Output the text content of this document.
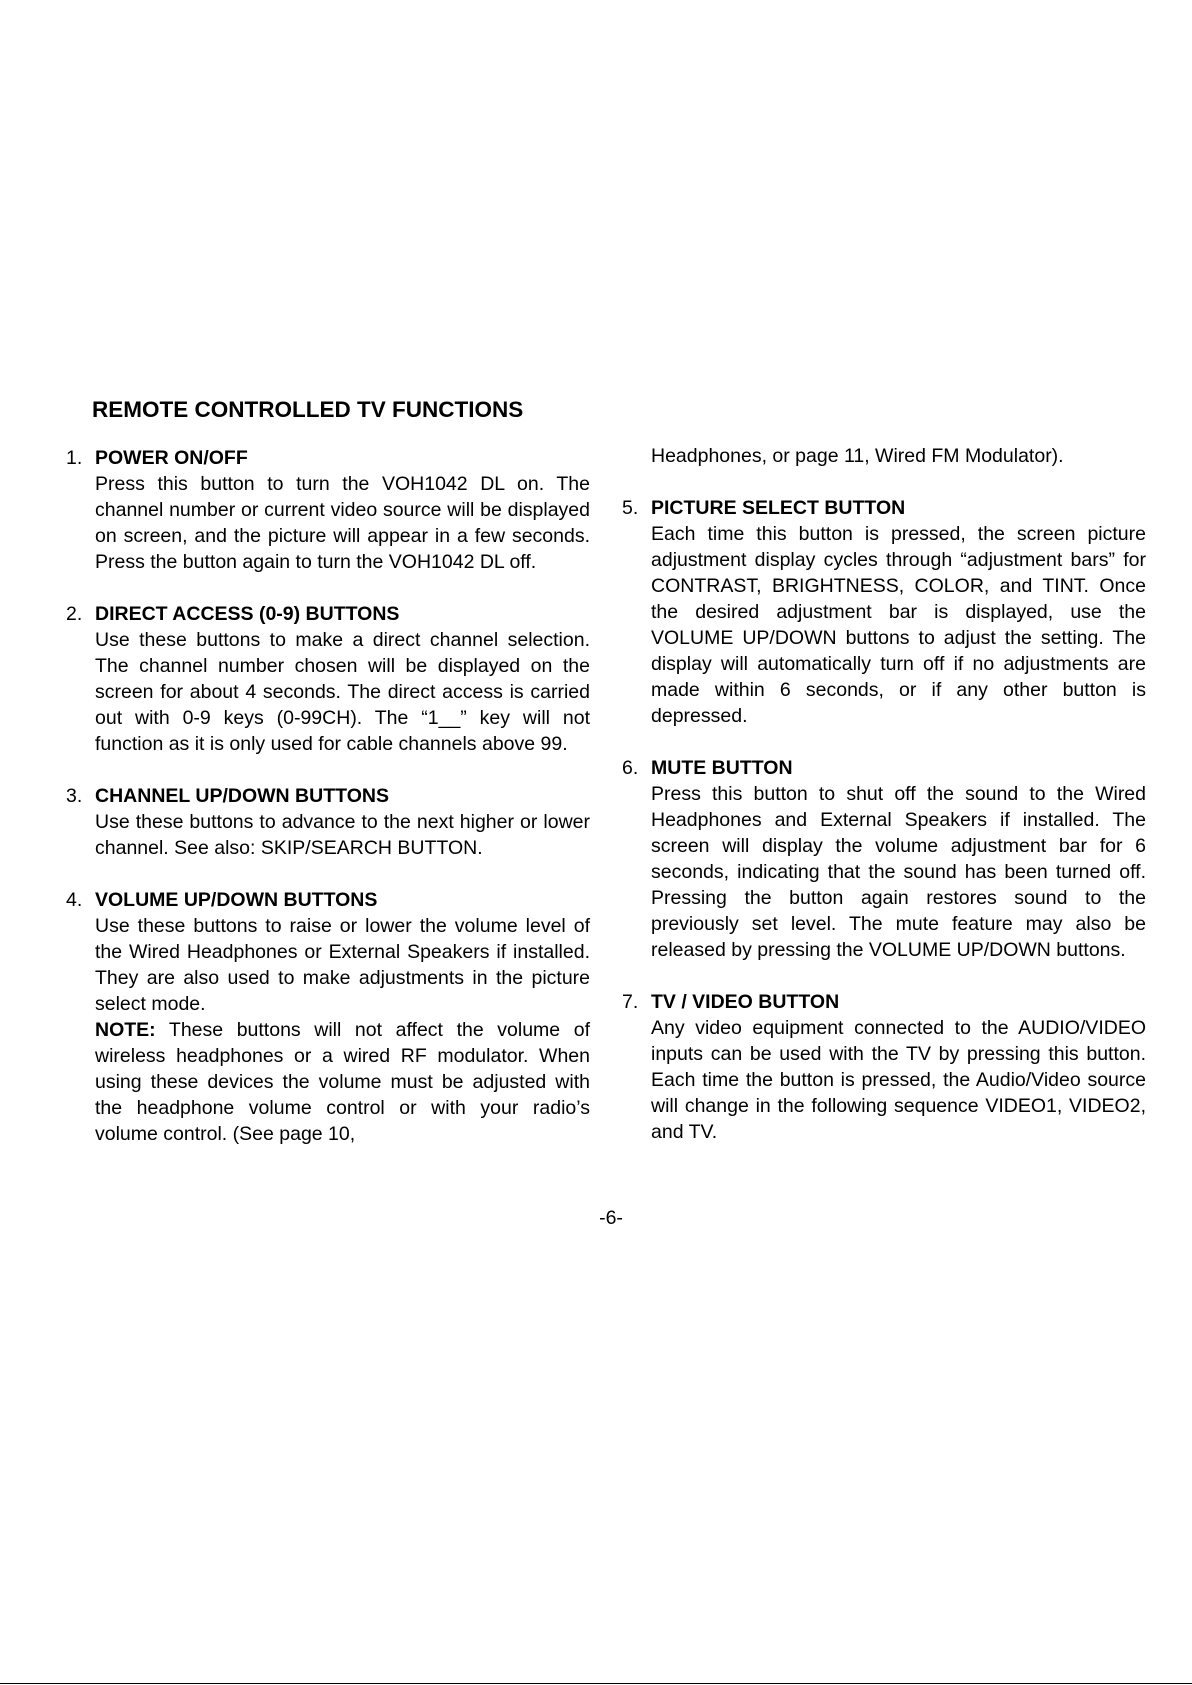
REMOTE CONTROLLED TV FUNCTIONS
1. POWER ON/OFF
Press this button to turn the VOH1042 DL on. The channel number or current video source will be displayed on screen, and the picture will appear in a few seconds. Press the button again to turn the VOH1042 DL off.
2. DIRECT ACCESS (0-9) BUTTONS
Use these buttons to make a direct channel selection. The channel number chosen will be displayed on the screen for about 4 seconds. The direct access is carried out with 0-9 keys (0-99CH). The “1__” key will not function as it is only used for cable channels above 99.
3. CHANNEL UP/DOWN BUTTONS
Use these buttons to advance to the next higher or lower channel. See also: SKIP/SEARCH BUTTON.
4. VOLUME UP/DOWN BUTTONS
Use these buttons to raise or lower the volume level of the Wired Headphones or External Speakers if installed. They are also used to make adjustments in the picture select mode.
NOTE: These buttons will not affect the volume of wireless headphones or a wired RF modulator. When using these devices the volume must be adjusted with the headphone volume control or with your radio’s volume control. (See page 10,
Headphones, or page 11, Wired FM Modulator).
5. PICTURE SELECT BUTTON
Each time this button is pressed, the screen picture adjustment display cycles through “adjustment bars” for CONTRAST, BRIGHTNESS, COLOR, and TINT. Once the desired adjustment bar is displayed, use the VOLUME UP/DOWN buttons to adjust the setting. The display will automatically turn off if no adjustments are made within 6 seconds, or if any other button is depressed.
6. MUTE BUTTON
Press this button to shut off the sound to the Wired Headphones and External Speakers if installed. The screen will display the volume adjustment bar for 6 seconds, indicating that the sound has been turned off. Pressing the button again restores sound to the previously set level. The mute feature may also be released by pressing the VOLUME UP/DOWN buttons.
7. TV / VIDEO BUTTON
Any video equipment connected to the AUDIO/VIDEO inputs can be used with the TV by pressing this button. Each time the button is pressed, the Audio/Video source will change in the following sequence VIDEO1, VIDEO2, and TV.
-6-
